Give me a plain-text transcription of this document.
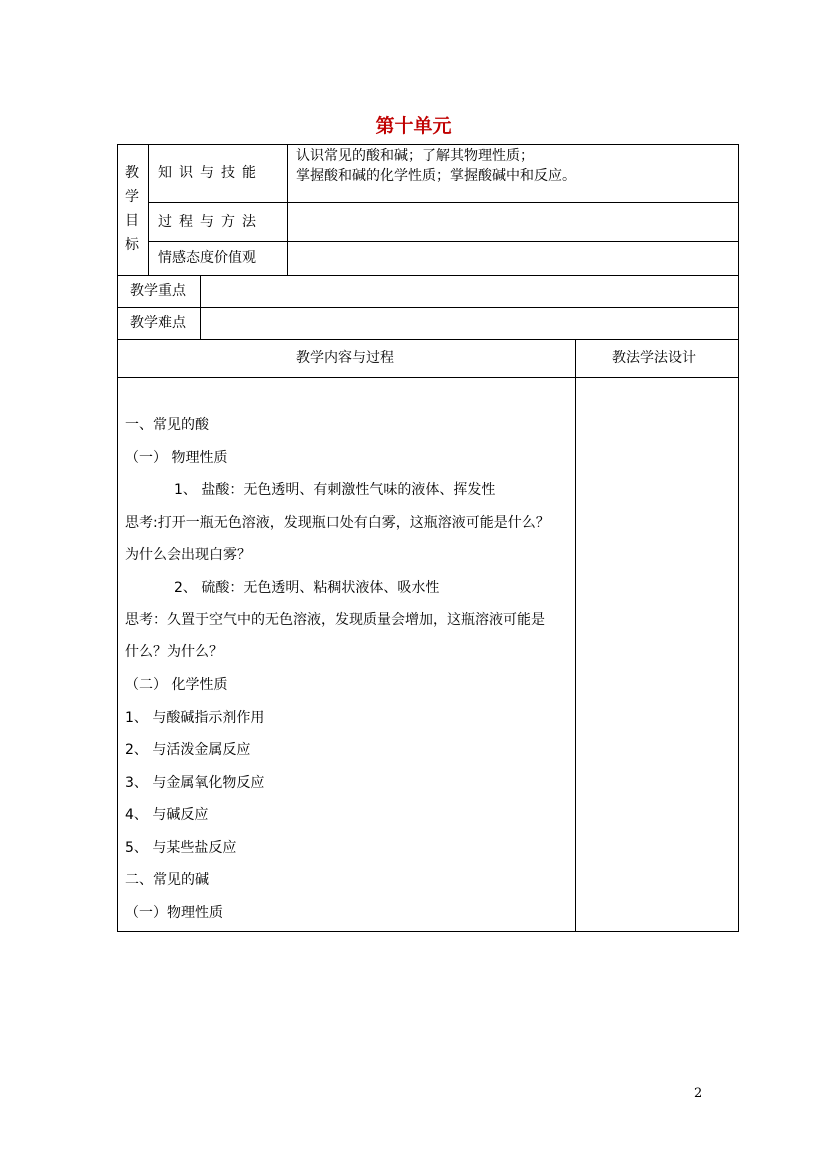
第十单元
教
学
目
标
知识与技能
过程与方法
情感态度价值观
认识常见的酸和碱；了解其物理性质；
掌握酸和碱的化学性质；掌握酸碱中和反应。
教学重点
教学难点
教学内容与过程	教法学法设计
一、常见的酸
（一） 物理性质
1、 盐酸：无色透明、有刺激性气味的液体、挥发性
思考:打开一瓶无色溶液，发现瓶口处有白雾，这瓶溶液可能是什么？
为什么会出现白雾？
2、 硫酸：无色透明、粘稠状液体、吸水性
思考：久置于空气中的无色溶液，发现质量会增加，这瓶溶液可能是
什么？为什么？
（二） 化学性质
1、 与酸碱指示剂作用
2、 与活泼金属反应
3、 与金属氧化物反应
4、 与碱反应
5、 与某些盐反应
二、常见的碱
（一）物理性质
2
